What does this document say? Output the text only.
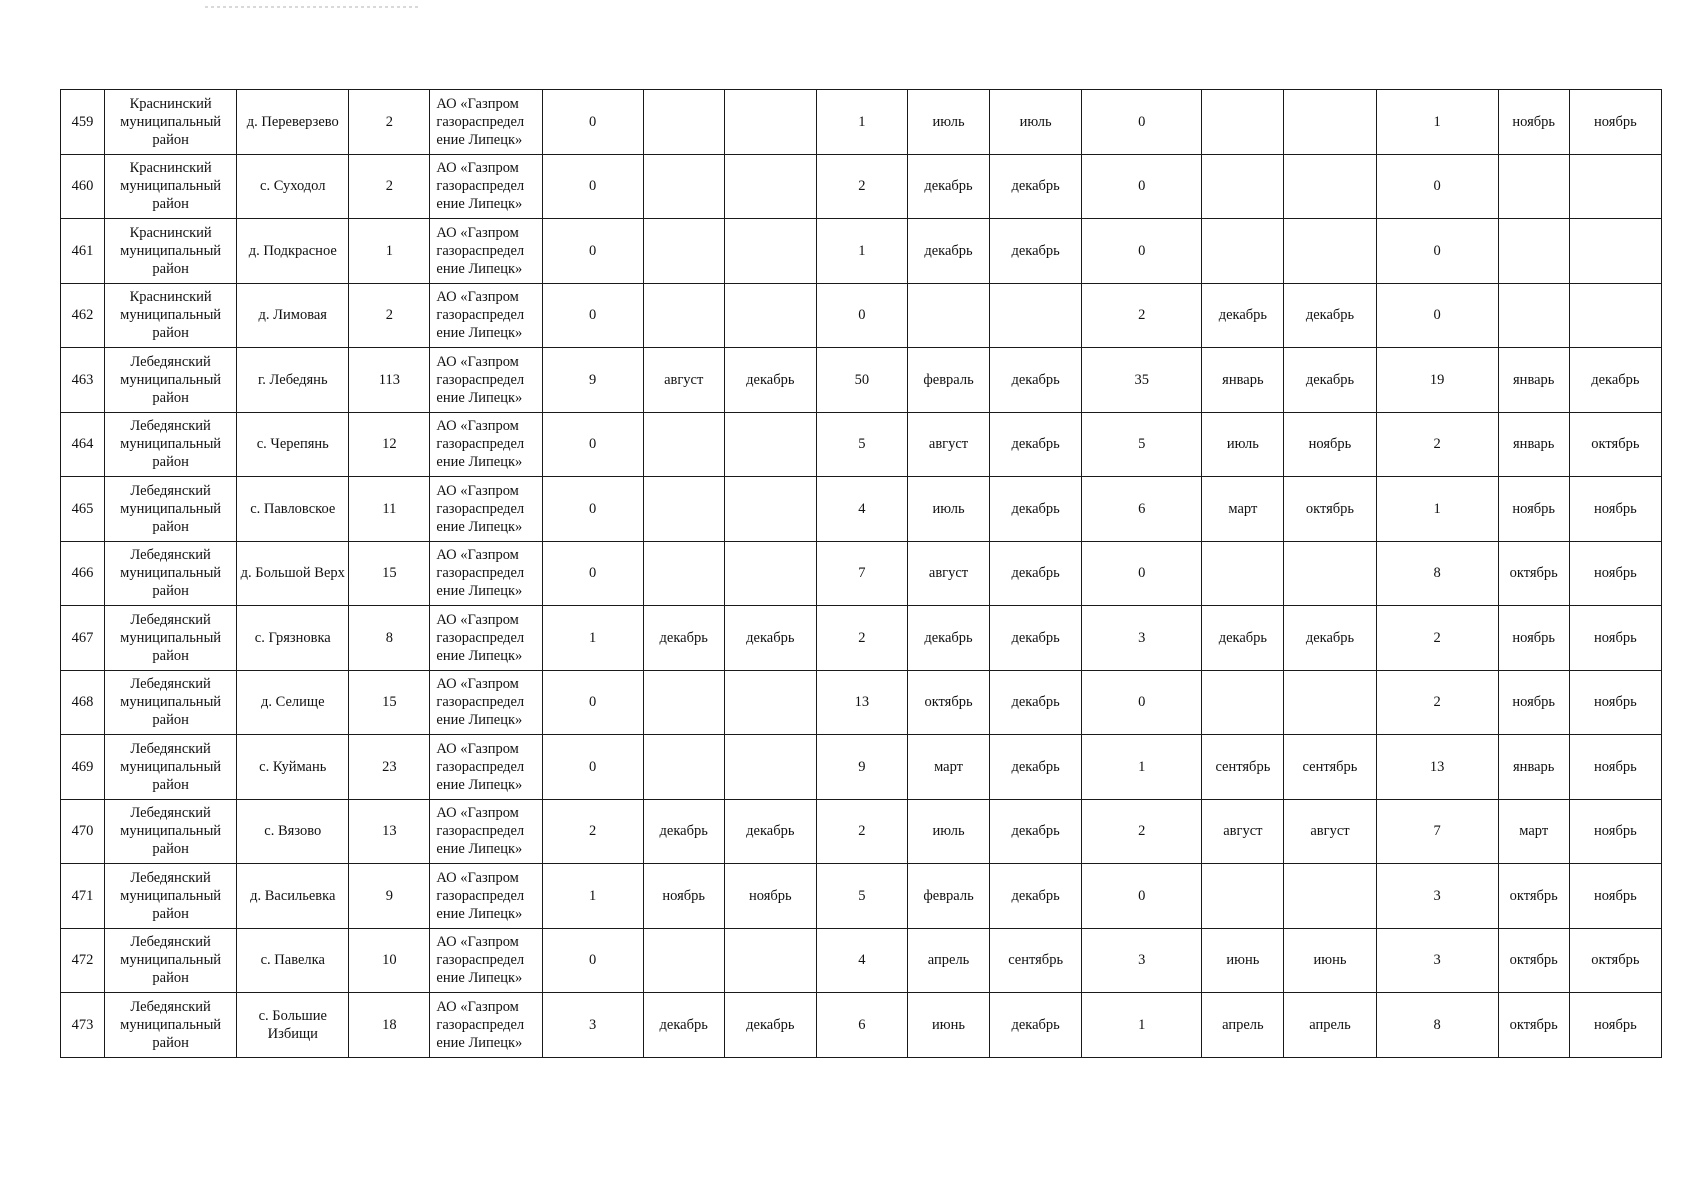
459	Краснинский муниципальный район	д. Переверзево	2	АО «Газпром газораспредел ение Липецк»	0			1	июль	июль	0			1	ноябрь	ноябрь
460	Краснинский муниципальный район	с. Суходол	2	АО «Газпром газораспредел ение Липецк»	0			2	декабрь	декабрь	0			0		
461	Краснинский муниципальный район	д. Подкрасное	1	АО «Газпром газораспредел ение Липецк»	0			1	декабрь	декабрь	0			0		
462	Краснинский муниципальный район	д. Лимовая	2	АО «Газпром газораспредел ение Липецк»	0			0			2	декабрь	декабрь	0		
463	Лебедянский муниципальный район	г. Лебедянь	113	АО «Газпром газораспредел ение Липецк»	9	август	декабрь	50	февраль	декабрь	35	январь	декабрь	19	январь	декабрь
464	Лебедянский муниципальный район	с. Черепянь	12	АО «Газпром газораспредел ение Липецк»	0			5	август	декабрь	5	июль	ноябрь	2	январь	октябрь
465	Лебедянский муниципальный район	с. Павловское	11	АО «Газпром газораспредел ение Липецк»	0			4	июль	декабрь	6	март	октябрь	1	ноябрь	ноябрь
466	Лебедянский муниципальный район	д. Большой Верх	15	АО «Газпром газораспредел ение Липецк»	0			7	август	декабрь	0			8	октябрь	ноябрь
467	Лебедянский муниципальный район	с. Грязновка	8	АО «Газпром газораспредел ение Липецк»	1	декабрь	декабрь	2	декабрь	декабрь	3	декабрь	декабрь	2	ноябрь	ноябрь
468	Лебедянский муниципальный район	д. Селище	15	АО «Газпром газораспредел ение Липецк»	0			13	октябрь	декабрь	0			2	ноябрь	ноябрь
469	Лебедянский муниципальный район	с. Куймань	23	АО «Газпром газораспредел ение Липецк»	0			9	март	декабрь	1	сентябрь	сентябрь	13	январь	ноябрь
470	Лебедянский муниципальный район	с. Вязово	13	АО «Газпром газораспредел ение Липецк»	2	декабрь	декабрь	2	июль	декабрь	2	август	август	7	март	ноябрь
471	Лебедянский муниципальный район	д. Васильевка	9	АО «Газпром газораспредел ение Липецк»	1	ноябрь	ноябрь	5	февраль	декабрь	0			3	октябрь	ноябрь
472	Лебедянский муниципальный район	с. Павелка	10	АО «Газпром газораспредел ение Липецк»	0			4	апрель	сентябрь	3	июнь	июнь	3	октябрь	октябрь
473	Лебедянский муниципальный район	с. Большие Избищи	18	АО «Газпром газораспредел ение Липецк»	3	декабрь	декабрь	6	июнь	декабрь	1	апрель	апрель	8	октябрь	ноябрь
